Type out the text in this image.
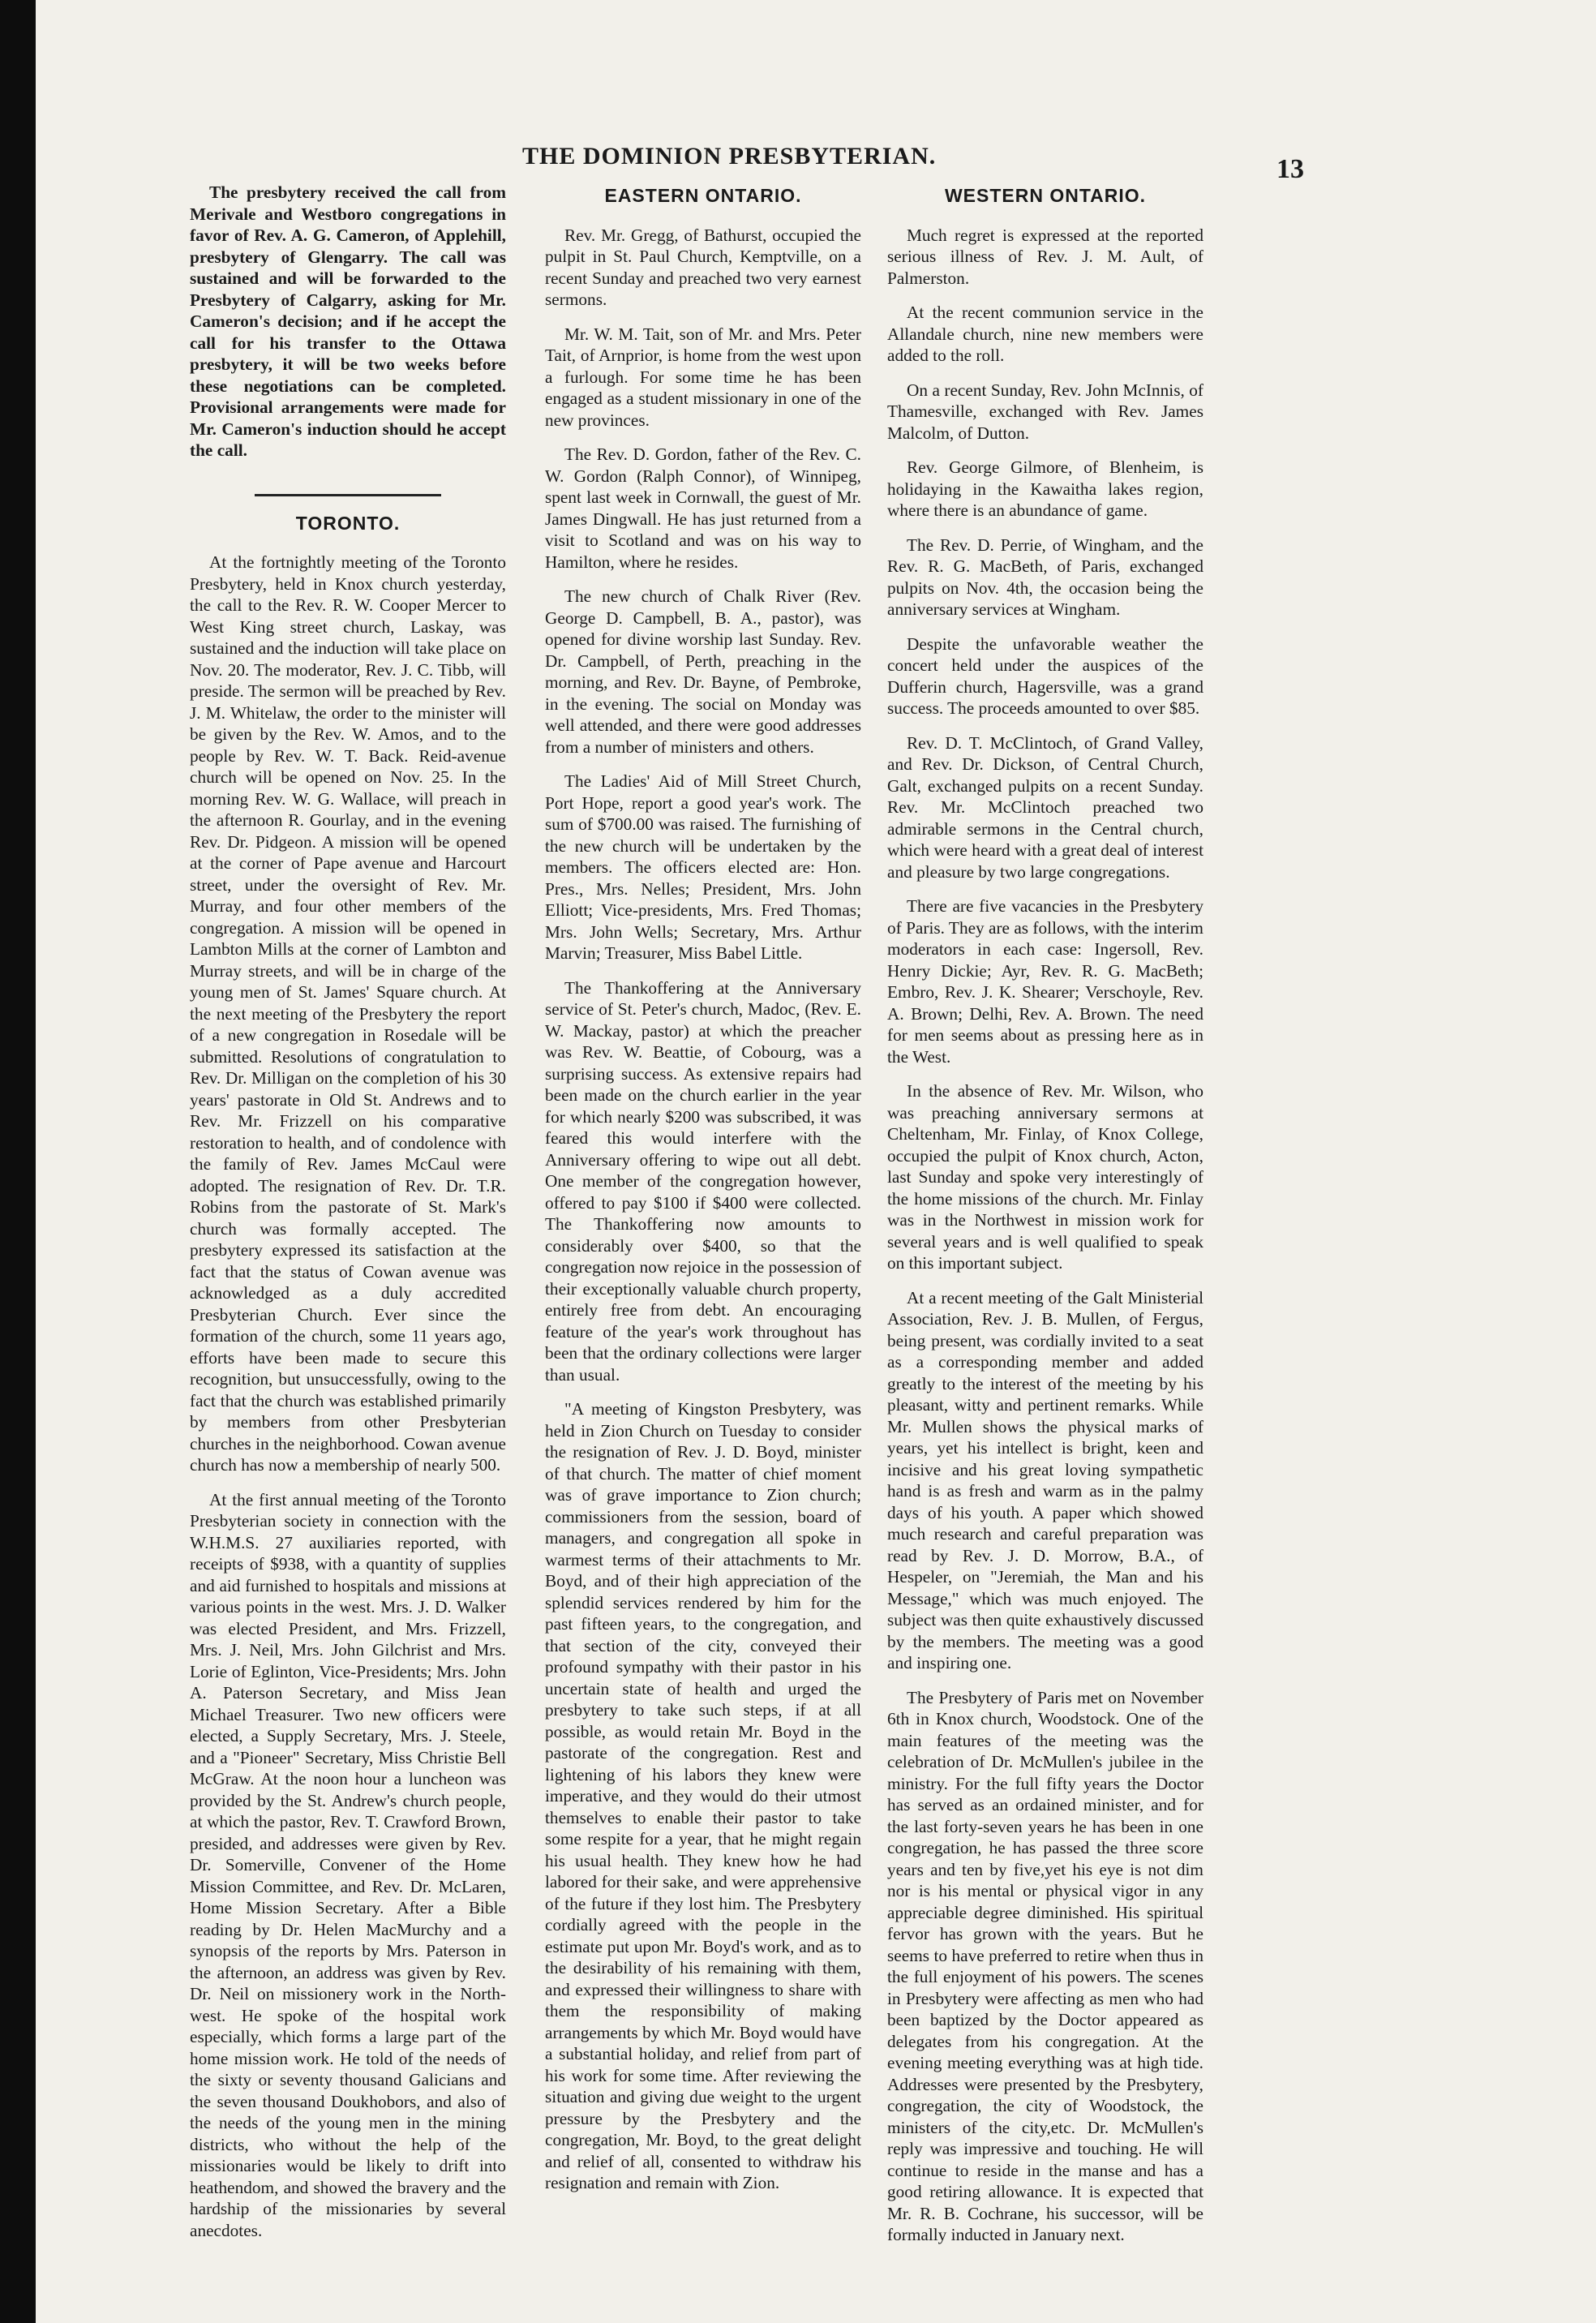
THE DOMINION PRESBYTERIAN.	13

The presbytery received the call from Merivale and Westboro congregations in favor of Rev. A. G. Cameron, of Applehill, presbytery of Glengarry. The call was sustained and will be forwarded to the Presbytery of Calgarry, asking for Mr. Cameron's decision; and if he accept the call for his transfer to the Ottawa presbytery, it will be two weeks before these negotiations can be completed. Provisional arrangements were made for Mr. Cameron's induction should he accept the call.

TORONTO.

At the fortnightly meeting of the Toronto Presbytery, held in Knox church yesterday, the call to the Rev. R. W. Cooper Mercer to West King street church, Laskay, was sustained and the induction will take place on Nov. 20. The moderator, Rev. J. C. Tibb, will preside. The sermon will be preached by Rev. J. M. Whitelaw, the order to the minister will be given by the Rev. W. Amos, and to the people by Rev. W. T. Back. Reid-avenue church will be opened on Nov. 25. In the morning Rev. W. G. Wallace, will preach in the afternoon R. Gourlay, and in the evening Rev. Dr. Pidgeon. A mission will be opened at the corner of Pape avenue and Harcourt street, under the oversight of Rev. Mr. Murray, and four other members of the congregation. A mission will be opened in Lambton Mills at the corner of Lambton and Murray streets, and will be in charge of the young men of St. James' Square church. At the next meeting of the Presbytery the report of a new congregation in Rosedale will be submitted. Resolutions of congratulation to Rev. Dr. Milligan on the completion of his 30 years' pastorate in Old St. Andrews and to Rev. Mr. Frizzell on his comparative restoration to health, and of condolence with the family of Rev. James McCaul were adopted. The resignation of Rev. Dr. T.R. Robins from the pastorate of St. Mark's church was formally accepted. The presbytery expressed its satisfaction at the fact that the status of Cowan avenue was acknowledged as a duly accredited Presbyterian Church. Ever since the formation of the church, some 11 years ago, efforts have been made to secure this recognition, but unsuccessfully, owing to the fact that the church was established primarily by members from other Presbyterian churches in the neighborhood. Cowan avenue church has now a membership of nearly 500.

At the first annual meeting of the Toronto Presbyterian society in connection with the W.H.M.S. 27 auxiliaries reported, with receipts of $938, with a quantity of supplies and aid furnished to hospitals and missions at various points in the west. Mrs. J. D. Walker was elected President, and Mrs. Frizzell, Mrs. J. Neil, Mrs. John Gilchrist and Mrs. Lorie of Eglinton, Vice-Presidents; Mrs. John A. Paterson Secretary, and Miss Jean Michael Treasurer. Two new officers were elected, a Supply Secretary, Mrs. J. Steele, and a "Pioneer" Secretary, Miss Christie Bell McGraw. At the noon hour a luncheon was provided by the St. Andrew's church people, at which the pastor, Rev. T. Crawford Brown, presided, and addresses were given by Rev. Dr. Somerville, Convener of the Home Mission Committee, and Rev. Dr. McLaren, Home Mission Secretary. After a Bible reading by Dr. Helen MacMurchy and a synopsis of the reports by Mrs. Paterson in the afternoon, an address was given by Rev. Dr. Neil on missionery work in the North-west. He spoke of the hospital work especially, which forms a large part of the home mission work. He told of the needs of the sixty or seventy thousand Galicians and the seven thousand Doukhobors, and also of the needs of the young men in the mining districts, who without the help of the missionaries would be likely to drift into heathendom, and showed the bravery and the hardship of the missionaries by several anecdotes.

EASTERN ONTARIO.

Rev. Mr. Gregg, of Bathurst, occupied the pulpit in St. Paul Church, Kemptville, on a recent Sunday and preached two very earnest sermons.

Mr. W. M. Tait, son of Mr. and Mrs. Peter Tait, of Arnprior, is home from the west upon a furlough. For some time he has been engaged as a student missionary in one of the new provinces.

The Rev. D. Gordon, father of the Rev. C. W. Gordon (Ralph Connor), of Winnipeg, spent last week in Cornwall, the guest of Mr. James Dingwall. He has just returned from a visit to Scotland and was on his way to Hamilton, where he resides.

The new church of Chalk River (Rev. George D. Campbell, B. A., pastor), was opened for divine worship last Sunday. Rev. Dr. Campbell, of Perth, preaching in the morning, and Rev. Dr. Bayne, of Pembroke, in the evening. The social on Monday was well attended, and there were good addresses from a number of ministers and others.

The Ladies' Aid of Mill Street Church, Port Hope, report a good year's work. The sum of $700.00 was raised. The furnishing of the new church will be undertaken by the members. The officers elected are: Hon. Pres., Mrs. Nelles; President, Mrs. John Elliott; Vice-presidents, Mrs. Fred Thomas; Mrs. John Wells; Secretary, Mrs. Arthur Marvin; Treasurer, Miss Babel Little.

The Thankoffering at the Anniversary service of St. Peter's church, Madoc, (Rev. E. W. Mackay, pastor) at which the preacher was Rev. W. Beattie, of Cobourg, was a surprising success. As extensive repairs had been made on the church earlier in the year for which nearly $200 was subscribed, it was feared this would interfere with the Anniversary offering to wipe out all debt. One member of the congregation however, offered to pay $100 if $400 were collected. The Thankoffering now amounts to considerably over $400, so that the congregation now rejoice in the possession of their exceptionally valuable church property, entirely free from debt. An encouraging feature of the year's work throughout has been that the ordinary collections were larger than usual.

"A meeting of Kingston Presbytery, was held in Zion Church on Tuesday to consider the resignation of Rev. J. D. Boyd, minister of that church. The matter of chief moment was of grave importance to Zion church; commissioners from the session, board of managers, and congregation all spoke in warmest terms of their attachments to Mr. Boyd, and of their high appreciation of the splendid services rendered by him for the past fifteen years, to the congregation, and that section of the city, conveyed their profound sympathy with their pastor in his uncertain state of health and urged the presbytery to take such steps, if at all possible, as would retain Mr. Boyd in the pastorate of the congregation. Rest and lightening of his labors they knew were imperative, and they would do their utmost themselves to enable their pastor to take some respite for a year, that he might regain his usual health. They knew how he had labored for their sake, and were apprehensive of the future if they lost him. The Presbytery cordially agreed with the people in the estimate put upon Mr. Boyd's work, and as to the desirability of his remaining with them, and expressed their willingness to share with them the responsibility of making arrangements by which Mr. Boyd would have a substantial holiday, and relief from part of his work for some time. After reviewing the situation and giving due weight to the urgent pressure by the Presbytery and the congregation, Mr. Boyd, to the great delight and relief of all, consented to withdraw his resignation and remain with Zion.

WESTERN ONTARIO.

Much regret is expressed at the reported serious illness of Rev. J. M. Ault, of Palmerston.

At the recent communion service in the Allandale church, nine new members were added to the roll.

On a recent Sunday, Rev. John McInnis, of Thamesville, exchanged with Rev. James Malcolm, of Dutton.

Rev. George Gilmore, of Blenheim, is holidaying in the Kawaitha lakes region, where there is an abundance of game.

The Rev. D. Perrie, of Wingham, and the Rev. R. G. MacBeth, of Paris, exchanged pulpits on Nov. 4th, the occasion being the anniversary services at Wingham.

Despite the unfavorable weather the concert held under the auspices of the Dufferin church, Hagersville, was a grand success. The proceeds amounted to over $85.

Rev. D. T. McClintoch, of Grand Valley, and Rev. Dr. Dickson, of Central Church, Galt, exchanged pulpits on a recent Sunday. Rev. Mr. McClintoch preached two admirable sermons in the Central church, which were heard with a great deal of interest and pleasure by two large congregations.

There are five vacancies in the Presbytery of Paris. They are as follows, with the interim moderators in each case: Ingersoll, Rev. Henry Dickie; Ayr, Rev. R. G. MacBeth; Embro, Rev. J. K. Shearer; Verschoyle, Rev. A. Brown; Delhi, Rev. A. Brown. The need for men seems about as pressing here as in the West.

In the absence of Rev. Mr. Wilson, who was preaching anniversary sermons at Cheltenham, Mr. Finlay, of Knox College, occupied the pulpit of Knox church, Acton, last Sunday and spoke very interestingly of the home missions of the church. Mr. Finlay was in the Northwest in mission work for several years and is well qualified to speak on this important subject.

At a recent meeting of the Galt Ministerial Association, Rev. J. B. Mullen, of Fergus, being present, was cordially invited to a seat as a corresponding member and added greatly to the interest of the meeting by his pleasant, witty and pertinent remarks. While Mr. Mullen shows the physical marks of years, yet his intellect is bright, keen and incisive and his great loving sympathetic hand is as fresh and warm as in the palmy days of his youth. A paper which showed much research and careful preparation was read by Rev. J. D. Morrow, B.A., of Hespeler, on "Jeremiah, the Man and his Message," which was much enjoyed. The subject was then quite exhaustively discussed by the members. The meeting was a good and inspiring one.

The Presbytery of Paris met on November 6th in Knox church, Woodstock. One of the main features of the meeting was the celebration of Dr. McMullen's jubilee in the ministry. For the full fifty years the Doctor has served as an ordained minister, and for the last forty-seven years he has been in one congregation, he has passed the three score years and ten by five,yet his eye is not dim nor is his mental or physical vigor in any appreciable degree diminished. His spiritual fervor has grown with the years. But he seems to have preferred to retire when thus in the full enjoyment of his powers. The scenes in Presbytery were affecting as men who had been baptized by the Doctor appeared as delegates from his congregation. At the evening meeting everything was at high tide. Addresses were presented by the Presbytery, congregation, the city of Woodstock, the ministers of the city,etc. Dr. McMullen's reply was impressive and touching. He will continue to reside in the manse and has a good retiring allowance. It is expected that Mr. R. B. Cochrane, his successor, will be formally inducted in January next.
